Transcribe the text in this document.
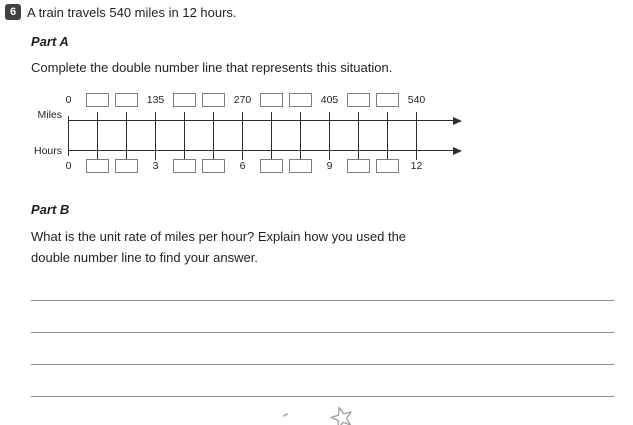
6 A train travels 540 miles in 12 hours.
Part A
Complete the double number line that represents this situation.
Miles
Hours
0	135	270	405	540
0	3	6	9	12
Part B
What is the unit rate of miles per hour? Explain how you used the
double number line to find your answer.
